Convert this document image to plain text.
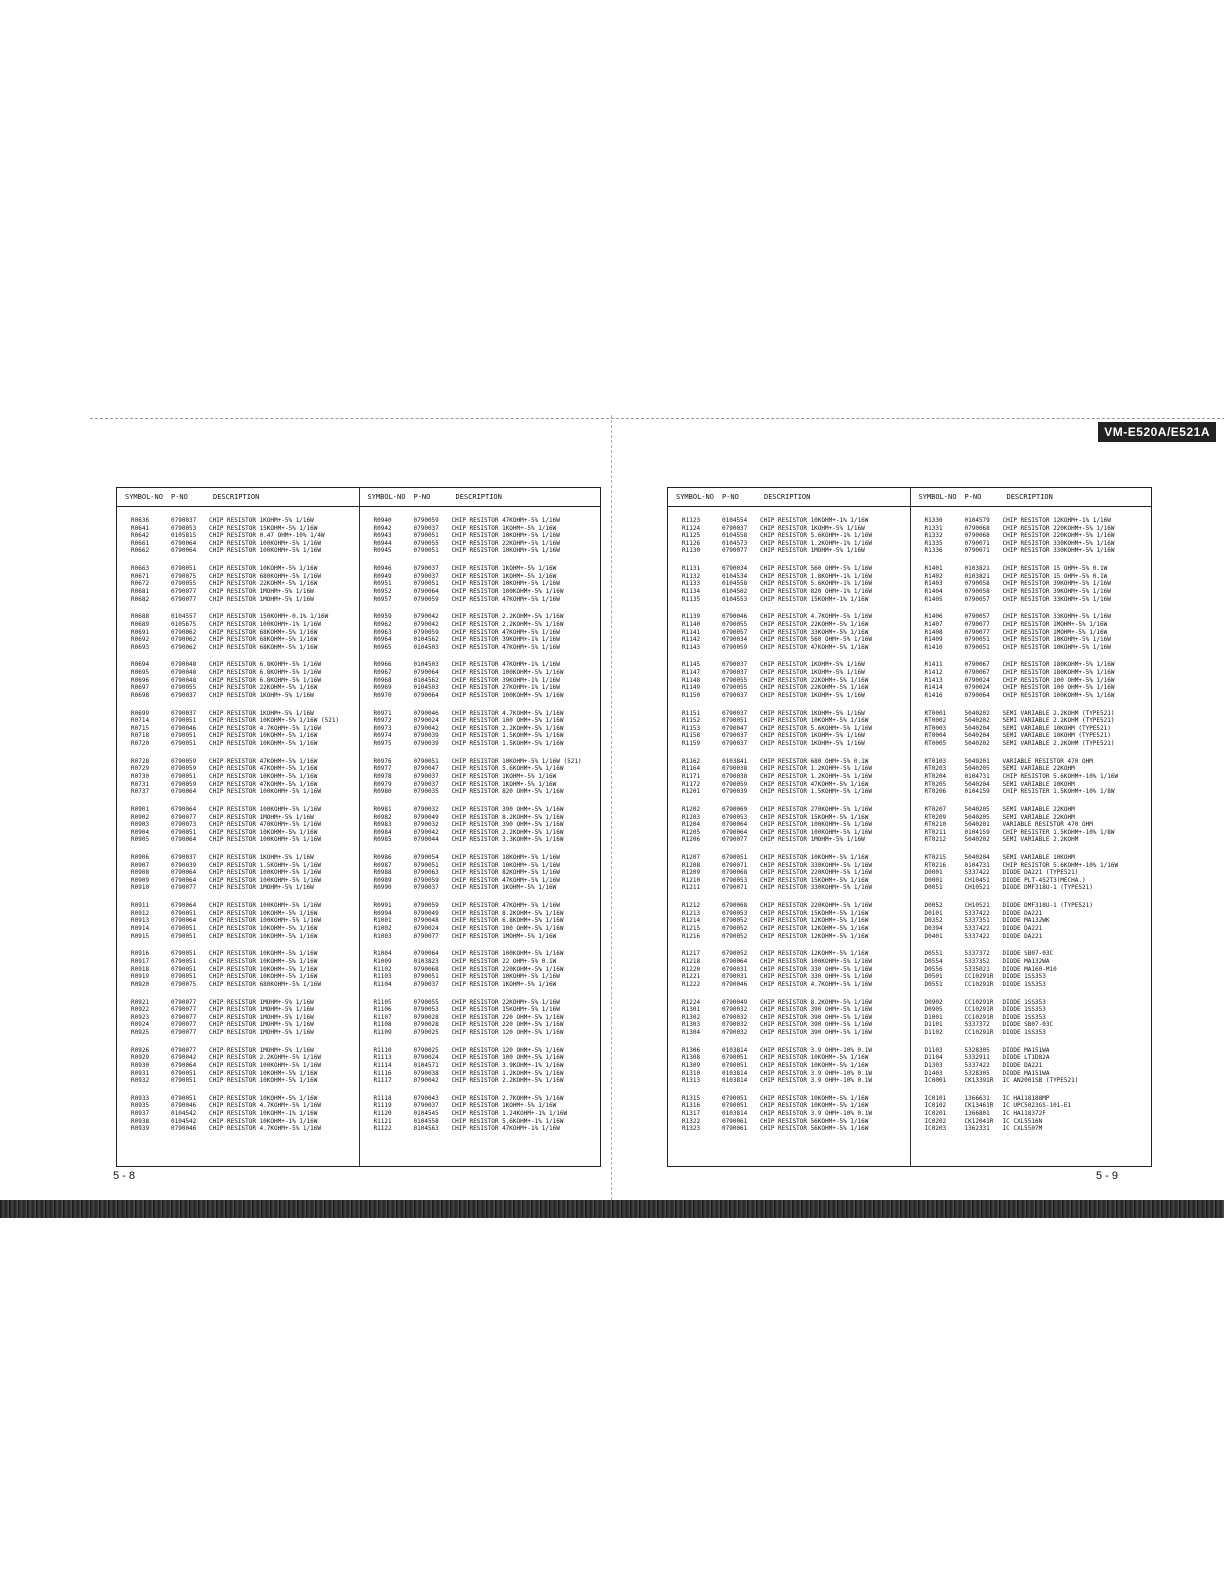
VM-E520A/E521A
SYMBOL-NO P-NO	DESCRIPTION
R0636	0790037 CHIP RESISTOR 1KOHM+-5% 1/16W
R0641	0790053 CHIP RESISTOR 15KOHM+-5% 1/16W
R0642	0105815 CHIP RESISTOR 0.47 OHM+-10% 1/4W
R0661	0790064 CHIP RESISTOR 100KOHM+-5% 1/16W
R0662	0790064 CHIP RESISTOR 100KOHM+-5% 1/16W
R0663	0790051 CHIP RESISTOR 10KOHM+-5% 1/16W
R0671	0790075 CHIP RESISTOR 680KOHM+-5% 1/16W
R0672	0790055 CHIP RESISTOR 22KOHM+-5% 1/16W
R0681	0790077 CHIP RESISTOR 1MOHM+-5% 1/16W
R0682	0790077 CHIP RESISTOR 1MOHM+-5% 1/16W
R0688	0104557 CHIP RESISTOR 150KOHM+-0.1% 1/16W
R0689	0105675 CHIP RESISTOR 100KOHM+-1% 1/16W
R0691	0790062 CHIP RESISTOR 68KOHM+-5% 1/16W
R0692	0790062 CHIP RESISTOR 68KOHM+-5% 1/16W
R0693	0790062 CHIP RESISTOR 68KOHM+-5% 1/16W
R0694	0790048 CHIP RESISTOR 6.8KOHM+-5% 1/16W
R0695	0790048 CHIP RESISTOR 6.8KOHM+-5% 1/16W
R0696	0790048 CHIP RESISTOR 6.8KOHM+-5% 1/16W
R0697	0790055 CHIP RESISTOR 22KOHM+-5% 1/16W
R0698	0790037 CHIP RESISTOR 1KOHM+-5% 1/16W
R0699	0790037 CHIP RESISTOR 1KOHM+-5% 1/16W
R0714	0790051 CHIP RESISTOR 10KOHM+-5% 1/16W (521)
R0715	0790046 CHIP RESISTOR 4.7KOHM+-5% 1/16W
R0718	0790051 CHIP RESISTOR 10KOHM+-5% 1/16W
R0720	0790051 CHIP RESISTOR 10KOHM+-5% 1/16W
R0728	0790059 CHIP RESISTOR 47KOHM+-5% 1/16W
R0729	0790059 CHIP RESISTOR 47KOHM+-5% 1/16W
R0730	0790051 CHIP RESISTOR 10KOHM+-5% 1/16W
R0731	0790059 CHIP RESISTOR 47KOHM+-5% 1/16W
R0737	0790064 CHIP RESISTOR 100KOHM+-5% 1/16W
R0901	0790064 CHIP RESISTOR 100KOHM+-5% 1/16W
R0902	0790077 CHIP RESISTOR 1MOHM+-5% 1/16W
R0903	0790073 CHIP RESISTOR 470KOHM+-5% 1/16W
R0904	0790051 CHIP RESISTOR 10KOHM+-5% 1/16W
R0905	0790064 CHIP RESISTOR 100KOHM+-5% 1/16W
R0906	0790037 CHIP RESISTOR 1KOHM+-5% 1/16W
R0907	0790039 CHIP RESISTOR 1.5KOHM+-5% 1/16W
R0908	0790064 CHIP RESISTOR 100KOHM+-5% 1/16W
R0909	0790064 CHIP RESISTOR 100KOHM+-5% 1/16W
R0910	0790077 CHIP RESISTOR 1MOHM+-5% 1/16W
R0911	0790064 CHIP RESISTOR 100KOHM+-5% 1/16W
R0912	0790051 CHIP RESISTOR 10KOHM+-5% 1/16W
R0913	0790064 CHIP RESISTOR 100KOHM+-5% 1/16W
R0914	0790051 CHIP RESISTOR 10KOHM+-5% 1/16W
R0915	0790051 CHIP RESISTOR 10KOHM+-5% 1/16W
R0916	0790051 CHIP RESISTOR 10KOHM+-5% 1/16W
R0917	0790051 CHIP RESISTOR 10KOHM+-5% 1/16W
R0918	0790051 CHIP RESISTOR 10KOHM+-5% 1/16W
R0919	0790051 CHIP RESISTOR 10KOHM+-5% 1/16W
R0920	0790075 CHIP RESISTOR 680KOHM+-5% 1/16W
R0921	0790077 CHIP RESISTOR 1MOHM+-5% 1/16W
R0922	0790077 CHIP RESISTOR 1MOHM+-5% 1/16W
R0923	0790077 CHIP RESISTOR 1MOHM+-5% 1/16W
R0924	0790077 CHIP RESISTOR 1MOHM+-5% 1/16W
R0925	0790077 CHIP RESISTOR 1MOHM+-5% 1/16W
R0926	0790077 CHIP RESISTOR 1MOHM+-5% 1/16W
R0929	0790042 CHIP RESISTOR 2.2KOHM+-5% 1/16W
R0930	0790064 CHIP RESISTOR 100KOHM+-5% 1/16W
R0931	0790051 CHIP RESISTOR 10KOHM+-5% 1/16W
R0932	0790051 CHIP RESISTOR 10KOHM+-5% 1/16W
R0933	0790051 CHIP RESISTOR 10KOHM+-5% 1/16W
R0935	0790046 CHIP RESISTOR 4.7KOHM+-5% 1/16W
R0937	0104542 CHIP RESISTOR 10KOHM+-1% 1/16W
R0938	0104542 CHIP RESISTOR 10KOHM+-1% 1/16W
R0939	0790046 CHIP RESISTOR 4.7KOHM+-5% 1/16W
SYMBOL-NO P-NO	DESCRIPTION
R0940	0790059 CHIP RESISTOR 47KOHM+-5% 1/16W
R0942	0790037 CHIP RESISTOR 1KOHM+-5% 1/16W
R0943	0790051 CHIP RESISTOR 10KOHM+-5% 1/16W
R0944	0790055 CHIP RESISTOR 22KOHM+-5% 1/16W
R0945	0790051 CHIP RESISTOR 10KOHM+-5% 1/16W
R0946	0790037 CHIP RESISTOR 1KOHM+-5% 1/16W
R0949	0790037 CHIP RESISTOR 1KOHM+-5% 1/16W
R0951	0790051 CHIP RESISTOR 10KOHM+-5% 1/16W
R0952	0790064 CHIP RESISTOR 100KOHM+-5% 1/16W
R0957	0790059 CHIP RESISTOR 47KOHM+-5% 1/16W
R0959	0790042 CHIP RESISTOR 2.2KOHM+-5% 1/16W
R0962	0790042 CHIP RESISTOR 2.2KOHM+-5% 1/16W
R0963	0790059 CHIP RESISTOR 47KOHM+-5% 1/16W
R0964	0104562 CHIP RESISTOR 39KOHM+-1% 1/16W
R0965	0104503 CHIP RESISTOR 47KOHM+-5% 1/16W
R0966	0104503 CHIP RESISTOR 47KOHM+-1% 1/16W
R0967	0790064 CHIP RESISTOR 100KOHM+-5% 1/16W
R0968	0104562 CHIP RESISTOR 39KOHM+-1% 1/16W
R0969	0104503 CHIP RESISTOR 27KOHM+-1% 1/16W
R0970	0790064 CHIP RESISTOR 100KOHM+-5% 1/16W
R0971	0790046 CHIP RESISTOR 4.7KOHM+-5% 1/16W
R0972	0790024 CHIP RESISTOR 100 OHM+-5% 1/16W
R0973	0790042 CHIP RESISTOR 2.2KOHM+-5% 1/16W
R0974	0790039 CHIP RESISTOR 1.5KOHM+-5% 1/16W
R0975	0790039 CHIP RESISTOR 1.5KOHM+-5% 1/16W
R0976	0790051 CHIP RESISTOR 10KOHM+-5% 1/16W (521)
R0977	0790047 CHIP RESISTOR 5.6KOHM+-5% 1/16W
R0978	0790037 CHIP RESISTOR 1KOHM+-5% 1/16W
R0979	0790037 CHIP RESISTOR 1KOHM+-5% 1/16W
R0980	0790035 CHIP RESISTOR 820 OHM+-5% 1/16W
R0981	0790032 CHIP RESISTOR 390 OHM+-5% 1/16W
R0982	0790049 CHIP RESISTOR 8.2KOHM+-5% 1/16W
R0983	0790032 CHIP RESISTOR 390 OHM+-5% 1/16W
R0984	0790042 CHIP RESISTOR 2.2KOHM+-5% 1/16W
R0985	0790044 CHIP RESISTOR 3.3KOHM+-5% 1/16W
R0986	0790054 CHIP RESISTOR 18KOHM+-5% 1/16W
R0987	0790051 CHIP RESISTOR 10KOHM+-5% 1/16W
R0988	0790063 CHIP RESISTOR 82KOHM+-5% 1/16W
R0989	0790059 CHIP RESISTOR 47KOHM+-5% 1/16W
R0990	0790037 CHIP RESISTOR 1KOHM+-5% 1/16W
R0991	0790059 CHIP RESISTOR 47KOHM+-5% 1/16W
R0994	0790049 CHIP RESISTOR 8.2KOHM+-5% 1/16W
R1001	0790048 CHIP RESISTOR 6.8KOHM+-5% 1/16W
R1002	0790024 CHIP RESISTOR 100 OHM+-5% 1/16W
R1003	0790077 CHIP RESISTOR 1MOHM+-5% 1/16W
R1004	0790064 CHIP RESISTOR 100KOHM+-5% 1/16W
R1009	0103823 CHIP RESISTOR 22 OHM+-5% 0.1W
R1102	0790068 CHIP RESISTOR 220KOHM+-5% 1/16W
R1103	0790051 CHIP RESISTOR 10KOHM+-5% 1/16W
R1104	0790037 CHIP RESISTOR 1KOHM+-5% 1/16W
R1105	0790055 CHIP RESISTOR 22KOHM+-5% 1/16W
R1106	0790053 CHIP RESISTOR 15KOHM+-5% 1/16W
R1107	0790028 CHIP RESISTOR 220 OHM+-5% 1/16W
R1108	0790028 CHIP RESISTOR 220 OHM+-5% 1/16W
R1109	0790025 CHIP RESISTOR 120 OHM+-5% 1/16W
R1110	0790025 CHIP RESISTOR 120 OHM+-5% 1/16W
R1113	0790024 CHIP RESISTOR 100 OHM+-5% 1/16W
R1114	0104571 CHIP RESISTOR 3.9KOHM+-1% 1/16W
R1116	0790038 CHIP RESISTOR 1.2KOHM+-5% 1/16W
R1117	0790042 CHIP RESISTOR 2.2KOHM+-5% 1/16W
R1118	0790043 CHIP RESISTOR 2.7KOHM+-5% 1/16W
R1119	0790037 CHIP RESISTOR 1KOHM+-5% 1/16W
R1120	0104545 CHIP RESISTOR 1.24KOHM+-1% 1/16W
R1121	0104558 CHIP RESISTOR 5.6KOHM+-1% 1/16W
R1122	0104563 CHIP RESISTOR 47KOHM+-1% 1/16W
SYMBOL-NO P-NO	DESCRIPTION
R1123	0104554 CHIP RESISTOR 10KOHM+-1% 1/16W
R1124	0790037 CHIP RESISTOR 1KOHM+-5% 1/16W
R1125	0104558 CHIP RESISTOR 5.6KOHM+-1% 1/16W
R1126	0104573 CHIP RESISTOR 1.2KOHM+-1% 1/16W
R1130	0790077 CHIP RESISTOR 1MOHM+-5% 1/16W
R1131	0790034 CHIP RESISTOR 560 OHM+-5% 1/16W
R1132	0104534 CHIP RESISTOR 1.8KOHM+-1% 1/16W
R1133	0104558 CHIP RESISTOR 5.6KOHM+-1% 1/16W
R1134	0104502 CHIP RESISTOR 820 OHM+-1% 1/16W
R1135	0104553 CHIP RESISTOR 15KOHM+-1% 1/16W
R1139	0790046 CHIP RESISTOR 4.7KOHM+-5% 1/16W
R1140	0790055 CHIP RESISTOR 22KOHM+-5% 1/16W
R1141	0790057 CHIP RESISTOR 33KOHM+-5% 1/16W
R1142	0790034 CHIP RESISTOR 560 OHM+-5% 1/16W
R1143	0790059 CHIP RESISTOR 47KOHM+-5% 1/16W
R1145	0790037 CHIP RESISTOR 1KOHM+-5% 1/16W
R1147	0790037 CHIP RESISTOR 1KOHM+-5% 1/16W
R1148	0790055 CHIP RESISTOR 22KOHM+-5% 1/16W
R1149	0790055 CHIP RESISTOR 22KOHM+-5% 1/16W
R1150	0790037 CHIP RESISTOR 1KOHM+-5% 1/16W
R1151	0790037 CHIP RESISTOR 1KOHM+-5% 1/16W
R1152	0790051 CHIP RESISTOR 10KOHM+-5% 1/16W
R1153	0790047 CHIP RESISTOR 5.6KOHM+-5% 1/16W
R1158	0790037 CHIP RESISTOR 1KOHM+-5% 1/16W
R1159	0790037 CHIP RESISTOR 1KOHM+-5% 1/16W
R1162	0103841 CHIP RESISTOR 680 OHM+-5% 0.1W
R1164	0790038 CHIP RESISTOR 1.2KOHM+-5% 1/16W
R1171	0790038 CHIP RESISTOR 1.2KOHM+-5% 1/16W
R1172	0790059 CHIP RESISTOR 47KOHM+-5% 1/16W
R1201	0790039 CHIP RESISTOR 1.5KOHM+-5% 1/16W
R1202	0790069 CHIP RESISTOR 270KOHM+-5% 1/16W
R1203	0790053 CHIP RESISTOR 15KOHM+-5% 1/16W
R1204	0790064 CHIP RESISTOR 100KOHM+-5% 1/16W
R1205	0790064 CHIP RESISTOR 100KOHM+-5% 1/16W
R1206	0790077 CHIP RESISTOR 1MOHM+-5% 1/16W
R1207	0790051 CHIP RESISTOR 10KOHM+-5% 1/16W
R1208	0790071 CHIP RESISTOR 330KOHM+-5% 1/16W
R1209	0790068 CHIP RESISTOR 220KOHM+-5% 1/16W
R1210	0790053 CHIP RESISTOR 15KOHM+-5% 1/16W
R1211	0790071 CHIP RESISTOR 330KOHM+-5% 1/16W
R1212	0790068 CHIP RESISTOR 220KOHM+-5% 1/16W
R1213	0790053 CHIP RESISTOR 15KOHM+-5% 1/16W
R1214	0790052 CHIP RESISTOR 12KOHM+-5% 1/16W
R1215	0790052 CHIP RESISTOR 12KOHM+-5% 1/16W
R1216	0790052 CHIP RESISTOR 12KOHM+-5% 1/16W
R1217	0790052 CHIP RESISTOR 12KOHM+-5% 1/16W
R1218	0790064 CHIP RESISTOR 100KOHM+-5% 1/16W
R1220	0790031 CHIP RESISTOR 330 OHM+-5% 1/16W
R1221	0790031 CHIP RESISTOR 330 OHM+-5% 1/16W
R1222	0790046 CHIP RESISTOR 4.7KOHM+-5% 1/16W
R1224	0790049 CHIP RESISTOR 8.2KOHM+-5% 1/16W
R1301	0790032 CHIP RESISTOR 390 OHM+-5% 1/16W
R1302	0790032 CHIP RESISTOR 390 OHM+-5% 1/16W
R1303	0790032 CHIP RESISTOR 390 OHM+-5% 1/16W
R1304	0790032 CHIP RESISTOR 390 OHM+-5% 1/16W
R1306	0103814 CHIP RESISTOR 3.9 OHM+-10% 0.1W
R1308	0790051 CHIP RESISTOR 10KOHM+-5% 1/16W
R1309	0790051 CHIP RESISTOR 10KOHM+-5% 1/16W
R1310	0103814 CHIP RESISTOR 3.9 OHM+-10% 0.1W
R1313	0103814 CHIP RESISTOR 3.9 OHM+-10% 0.1W
R1315	0790051 CHIP RESISTOR 10KOHM+-5% 1/16W
R1316	0790051 CHIP RESISTOR 10KOHM+-5% 1/16W
R1317	0103814 CHIP RESISTOR 3.9 OHM+-10% 0.1W
R1322	0790061 CHIP RESISTOR 56KOHM+-5% 1/16W
R1323	0790061 CHIP RESISTOR 56KOHM+-5% 1/16W
SYMBOL-NO P-NO	DESCRIPTION
R1330	0104579 CHIP RESISTOR 12KOHM+-1% 1/16W
R1331	0790068 CHIP RESISTOR 220KOHM+-5% 1/16W
R1332	0790068 CHIP RESISTOR 220KOHM+-5% 1/16W
R1335	0790071 CHIP RESISTOR 330KOHM+-5% 1/16W
R1336	0790071 CHIP RESISTOR 330KOHM+-5% 1/16W
R1401	0103821 CHIP RESISTOR 15 OHM+-5% 0.1W
R1402	0103821 CHIP RESISTOR 15 OHM+-5% 0.1W
R1403	0790058 CHIP RESISTOR 39KOHM+-5% 1/16W
R1404	0790058 CHIP RESISTOR 39KOHM+-5% 1/16W
R1405	0790057 CHIP RESISTOR 33KOHM+-5% 1/16W
R1406	0790057 CHIP RESISTOR 33KOHM+-5% 1/16W
R1407	0790077 CHIP RESISTOR 1MOHM+-5% 1/16W
R1408	0790077 CHIP RESISTOR 1MOHM+-5% 1/16W
R1409	0790051 CHIP RESISTOR 10KOHM+-5% 1/16W
R1410	0790051 CHIP RESISTOR 10KOHM+-5% 1/16W
R1411	0790067 CHIP RESISTOR 180KOHM+-5% 1/16W
R1412	0790067 CHIP RESISTOR 180KOHM+-5% 1/16W
R1413	0790024 CHIP RESISTOR 100 OHM+-5% 1/16W
R1414	0790024 CHIP RESISTOR 100 OHM+-5% 1/16W
R1416	0790064 CHIP RESISTOR 100KOHM+-5% 1/16W
RT0001	5040202 SEMI VARIABLE 2.2KOHM (TYPE521)
RT0002	5040202 SEMI VARIABLE 2.2KOHM (TYPE521)
RT0003	5040204 SEMI VARIABLE 10KOHM (TYPE521)
RT0004	5040204 SEMI VARIABLE 10KOHM (TYPE521)
RT0005	5040202 SEMI VARIABLE 2.2KOHM (TYPE521)
RT0103	5049201 VARIABLE RESISTOR 470 OHM
RT0203	5040205 SEMI VARIABLE 22KOHM
RT0204	0104731 CHIP RESISTOR 5.6KOHM+-10% 1/16W
RT0205	5040204 SEMI VARIABLE 10KOHM
RT0206	0104159 CHIP RESISTER 1.5KOHM+-10% 1/8W
RT0207	5040205 SEMI VARIABLE 22KOHM
RT0209	5040205 SEMI VARIABLE 22KOHM
RT0210	5040201 VARIABLE RESISTOR 470 OHM
RT0211	0104159 CHIP RESISTER 1.5KOHM+-10% 1/8W
RT0212	5040202 SEMI VARIABLE 2.2KOHM
RT0215	5040204 SEMI VARIABLE 10KOHM
RT0216	0104731 CHIP RESISTOR 5.6KOHM+-10% 1/16W
D0001	5337422 DIODE DA221 (TYPE521)
D0001	CH10451 DIODE PLT-452T3(MECHA.)
D0051	CH10521 DIODE DMF318U-1 (TYPE521)
D0052	CH10521 DIODE DMF318U-1 (TYPE521)
D0101	5337422 DIODE DA221
D0352	5337351 DIODE MA132WK
D0394	5337422 DIODE DA221
D0401	5337422 DIODE DA221
D0551	5337372 DIODE SB07-03C
D0554	5337352 DIODE MA132WA
D0556	5335021 DIODE MA160-M10
D0501	CC10291R DIODE 1SS353
D0551	CC10291R DIODE 1SS353
D0902	CC10291R DIODE 1SS353
D0905	CC10291R DIODE 1SS353
D1001	CC10291R DIODE 1SS353
D1101	5337372 DIODE SB07-03C
D1102	CC10291R DIODE 1SS353
D1103	5328305 DIODE MA151WA
D1104	5332911 DIODE LT1D82A
D1303	5337422 DIODE DA221
D1403	5328305 DIODE MA151WA
IC0001	CK13391R IC AN2001SB (TYPE521)
IC0101	1366631 IC HA118188MP
IC0102	CK13461R IC UPC5023GS-101-E1
IC0201	1366801 IC HA118372F
IC0202	CK12041R IC CXL5516N
IC0203	1362331 IC CXL5507M
5 - 8	5 - 9
